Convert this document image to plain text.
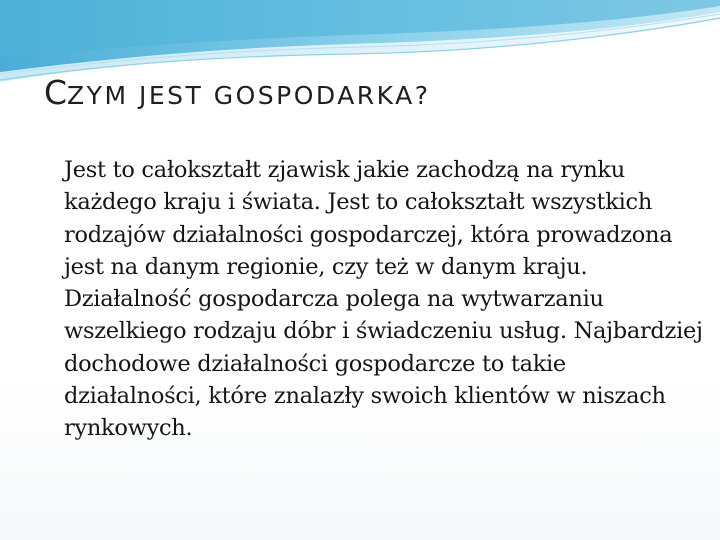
CZYM JEST GOSPODARKA?

Jest to całokształt zjawisk jakie zachodzą na rynku każdego kraju i świata. Jest to całokształt wszystkich rodzajów działalności gospodarczej, która prowadzona jest na danym regionie, czy też w danym kraju. Działalność gospodarcza polega na wytwarzaniu wszelkiego rodzaju dóbr i świadczeniu usług. Najbardziej dochodowe działalności gospodarcze to takie działalności, które znalazły swoich klientów w niszach rynkowych.
